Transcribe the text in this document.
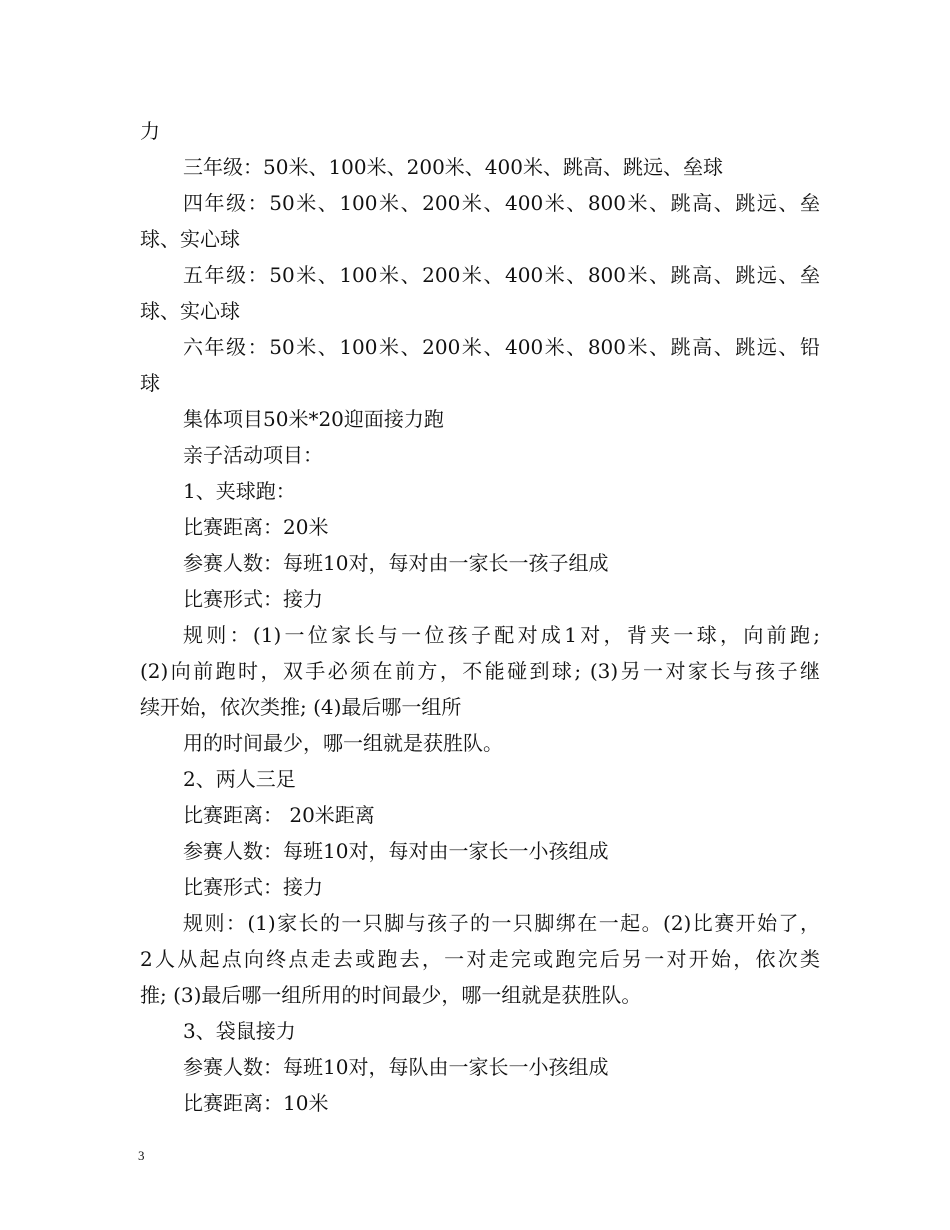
力

三年级：50米、100米、200米、400米、跳高、跳远、垒球

四年级：50米、100米、200米、400米、800米、跳高、跳远、垒

球、实心球

五年级：50米、100米、200米、400米、800米、跳高、跳远、垒

球、实心球

六年级：50米、100米、200米、400米、800米、跳高、跳远、铅

球

集体项目50米*20迎面接力跑

亲子活动项目：

1、夹球跑：

比赛距离：20米

参赛人数：每班10对，每对由一家长一孩子组成

比赛形式：接力

规则：(1)一位家长与一位孩子配对成1对，背夹一球，向前跑;

(2)向前跑时，双手必须在前方，不能碰到球; (3)另一对家长与孩子继

续开始，依次类推; (4)最后哪一组所

用的时间最少，哪一组就是获胜队。

2、两人三足

比赛距离： 20米距离

参赛人数：每班10对，每对由一家长一小孩组成

比赛形式：接力

规则：(1)家长的一只脚与孩子的一只脚绑在一起。(2)比赛开始了，

2人从起点向终点走去或跑去，一对走完或跑完后另一对开始，依次类

推; (3)最后哪一组所用的时间最少，哪一组就是获胜队。

3、袋鼠接力

参赛人数：每班10对，每队由一家长一小孩组成

比赛距离：10米

3
